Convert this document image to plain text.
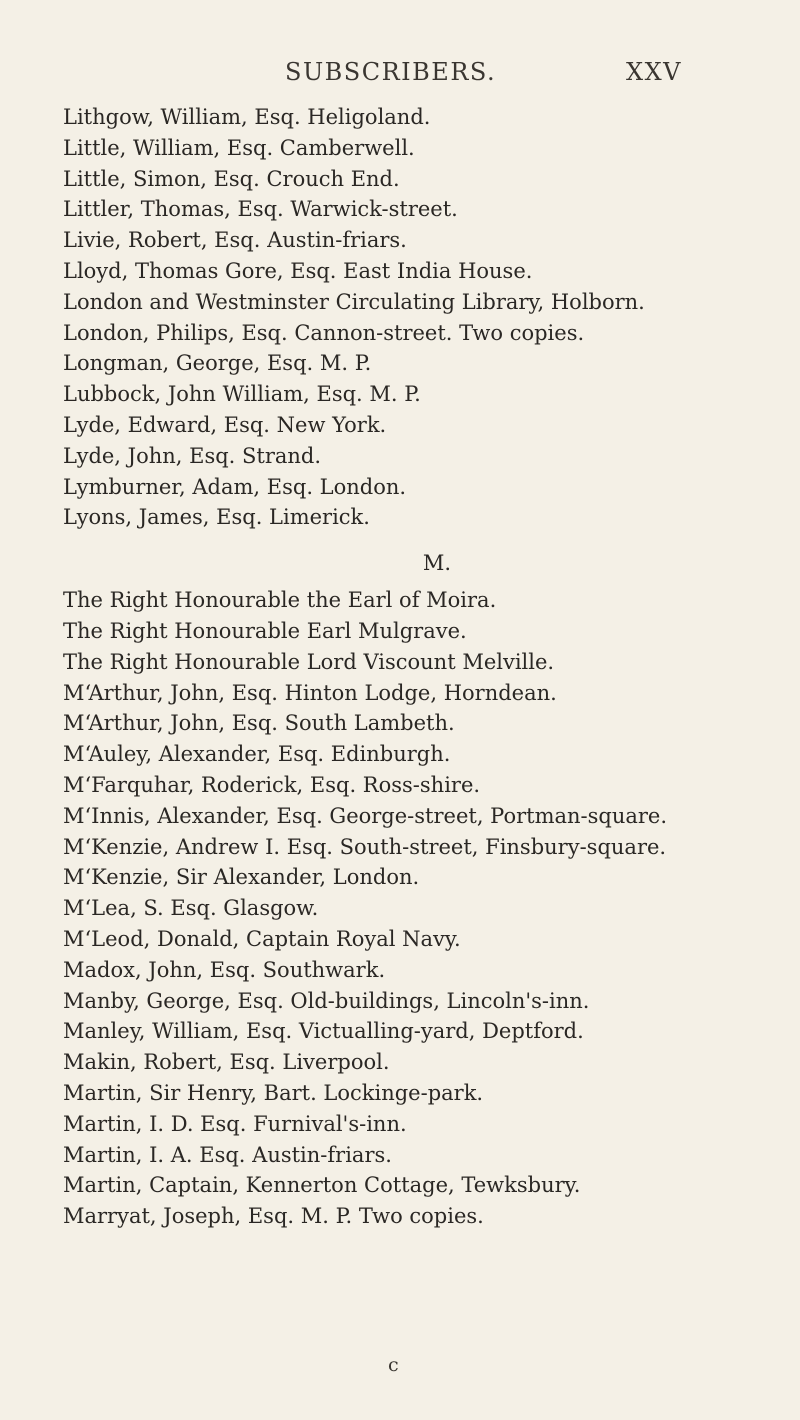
SUBSCRIBERS.	XXV
Lithgow, William, Esq. Heligoland.
Little, William, Esq. Camberwell.
Little, Simon, Esq. Crouch End.
Littler, Thomas, Esq. Warwick-street.
Livie, Robert, Esq. Austin-friars.
Lloyd, Thomas Gore, Esq. East India House.
London and Westminster Circulating Library, Holborn.
London, Philips, Esq. Cannon-street. Two copies.
Longman, George, Esq. M. P.
Lubbock, John William, Esq. M. P.
Lyde, Edward, Esq. New York.
Lyde, John, Esq. Strand.
Lymburner, Adam, Esq. London.
Lyons, James, Esq. Limerick.
M.
The Right Honourable the Earl of Moira.
The Right Honourable Earl Mulgrave.
The Right Honourable Lord Viscount Melville.
M‘Arthur, John, Esq. Hinton Lodge, Horndean.
M‘Arthur, John, Esq. South Lambeth.
M‘Auley, Alexander, Esq. Edinburgh.
M‘Farquhar, Roderick, Esq. Ross-shire.
M‘Innis, Alexander, Esq. George-street, Portman-square.
M‘Kenzie, Andrew I. Esq. South-street, Finsbury-square.
M‘Kenzie, Sir Alexander, London.
M‘Lea, S. Esq. Glasgow.
M‘Leod, Donald, Captain Royal Navy.
Madox, John, Esq. Southwark.
Manby, George, Esq. Old-buildings, Lincoln's-inn.
Manley, William, Esq. Victualling-yard, Deptford.
Makin, Robert, Esq. Liverpool.
Martin, Sir Henry, Bart. Lockinge-park.
Martin, I. D. Esq. Furnival's-inn.
Martin, I. A. Esq. Austin-friars.
Martin, Captain, Kennerton Cottage, Tewksbury.
Marryat, Joseph, Esq. M. P. Two copies.
c
